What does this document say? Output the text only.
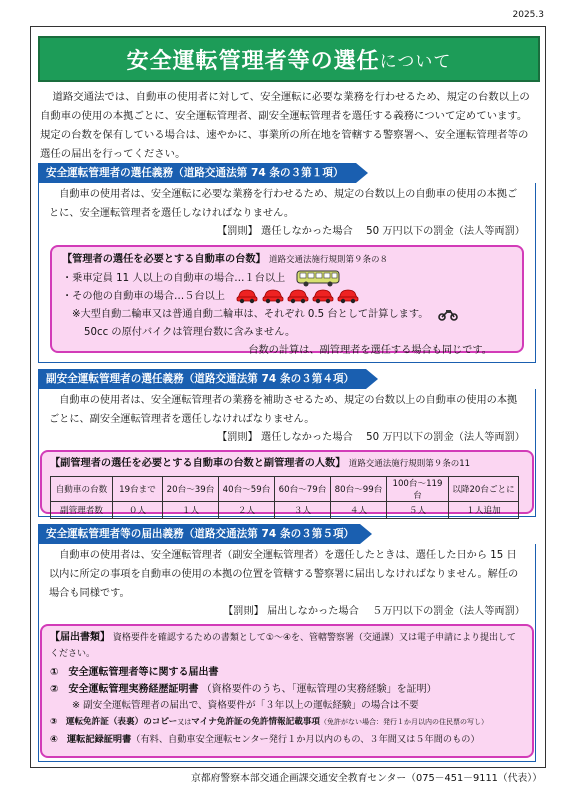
2025.3
安全運転管理者等の選任 について
道路交通法では、自動車の使用者に対して、安全運転に必要な業務を行わせるため、規定の台数以上の自動車の使用の本拠ごとに、安全運転管理者、副安全運転管理者を選任する義務について定めています。規定の台数を保有している場合は、速やかに、事業所の所在地を管轄する警察署へ、安全運転管理者等の選任の届出を行ってください。
安全運転管理者の選任義務（道路交通法第 74 条の３第１項）
自動車の使用者は、安全運転に必要な業務を行わせるため、規定の台数以上の自動車の使用の本拠ごとに、安全運転管理者を選任しなければなりません。
【罰則】 選任しなかった場合　 50 万円以下の罰金（法人等両罰）
【管理者の選任を必要とする自動車の台数】 道路交通法施行規則第９条の８
・乗車定員 11 人以上の自動車の場合…１台以上
・その他の自動車の場合…５台以上
※大型自動二輪車又は普通自動二輪車は、それぞれ 0.5 台として計算します。
50cc の原付バイクは管理台数に含みません。
台数の計算は、副管理者を選任する場合も同じです。
副安全運転管理者の選任義務（道路交通法第 74 条の３第４項）
自動車の使用者は、安全運転管理者の業務を補助させるため、規定の台数以上の自動車の使用の本拠ごとに、副安全運転管理者を選任しなければなりません。
【罰則】 選任しなかった場合　 50 万円以下の罰金（法人等両罰）
【副管理者の選任を必要とする自動車の台数と副管理者の人数】 道路交通法施行規則第９条の11
自動車の台数	19台まで	20台～39台	40台～59台	60台～79台	80台～99台	100台～119台	以降20台ごとに
副管理者数	０人	１人	２人	３人	４人	５人	１人追加
安全運転管理者等の届出義務（道路交通法第 74 条の３第５項）
自動車の使用者は、安全運転管理者（副安全運転管理者）を選任したときは、選任した日から 15 日以内に所定の事項を自動車の使用の本拠の位置を管轄する警察署に届出しなければなりません。解任の場合も同様です。
【罰則】 届出しなかった場合　 ５万円以下の罰金（法人等両罰）
【届出書類】 資格要件を確認するための書類として①～④を、管轄警察署（交通課）又は電子申請により提出してください。
①　安全運転管理者等に関する届出書
②　安全運転管理実務経歴証明書 （資格要件のうち、「運転管理の実務経験」を証明）
※ 副安全運転管理者の届出で、資格要件が「３年以上の運転経験」の場合は不要
③　運転免許証（表裏）のコピー又はマイナ免許証の免許情報記載事項（免許がない場合：発行１か月以内の住民票の写し）
④　運転記録証明書（有料、自動車安全運転センター発行１か月以内のもの、３年間又は５年間のもの）
京都府警察本部交通企画課交通安全教育センター（075－451－9111（代表））
